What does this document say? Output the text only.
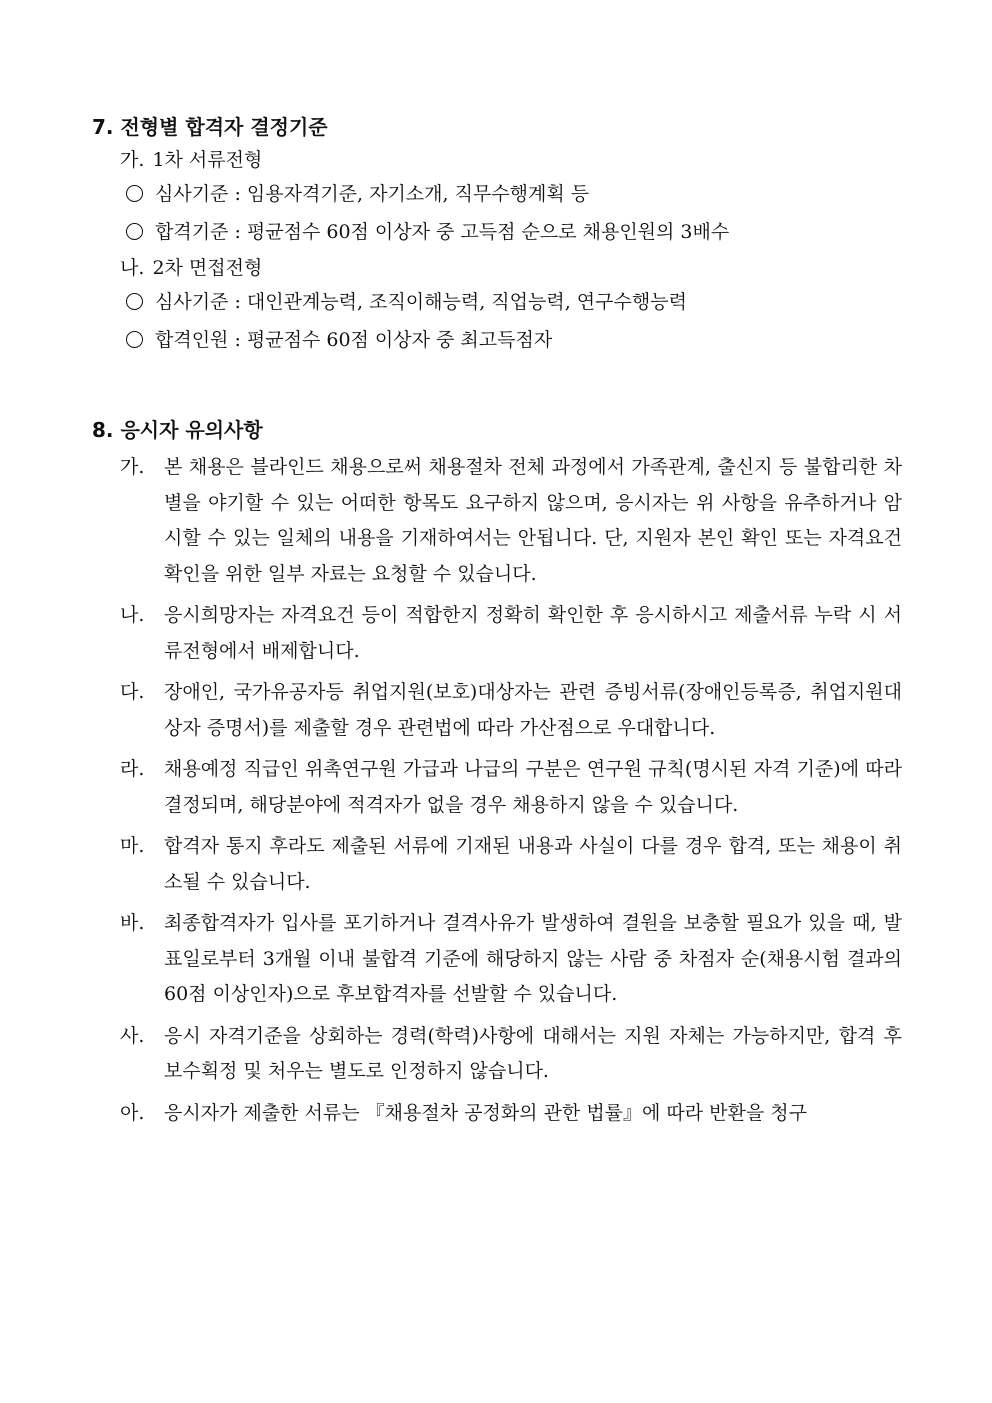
7. 전형별 합격자 결정기준

가. 1차 서류전형

심사기준 : 임용자격기준, 자기소개, 직무수행계획 등

합격기준 : 평균점수 60점 이상자 중 고득점 순으로 채용인원의 3배수

나. 2차 면접전형

심사기준 : 대인관계능력, 조직이해능력, 직업능력, 연구수행능력

합격인원 : 평균점수 60점 이상자 중 최고득점자

8. 응시자 유의사항
가. 본 채용은 블라인드 채용으로써 채용절차 전체 과정에서 가족관계, 출신지 등 불합리한 차별을 야기할 수 있는 어떠한 항목도 요구하지 않으며, 응시자는 위 사항을 유추하거나 암시할 수 있는 일체의 내용을 기재하여서는 안됩니다. 단, 지원자 본인 확인 또는 자격요건 확인을 위한 일부 자료는 요청할 수 있습니다.
나. 응시희망자는 자격요건 등이 적합한지 정확히 확인한 후 응시하시고 제출서류 누락 시 서류전형에서 배제합니다.
다. 장애인, 국가유공자등 취업지원(보호)대상자는 관련 증빙서류(장애인등록증, 취업지원대상자 증명서)를 제출할 경우 관련법에 따라 가산점으로 우대합니다.
라. 채용예정 직급인 위촉연구원 가급과 나급의 구분은 연구원 규칙(명시된 자격 기준)에 따라 결정되며, 해당분야에 적격자가 없을 경우 채용하지 않을 수 있습니다.
마. 합격자 통지 후라도 제출된 서류에 기재된 내용과 사실이 다를 경우 합격, 또는 채용이 취소될 수 있습니다.
바. 최종합격자가 입사를 포기하거나 결격사유가 발생하여 결원을 보충할 필요가 있을 때, 발표일로부터 3개월 이내 불합격 기준에 해당하지 않는 사람 중 차점자 순(채용시험 결과의 60점 이상인자)으로 후보합격자를 선발할 수 있습니다.
사. 응시 자격기준을 상회하는 경력(학력)사항에 대해서는 지원 자체는 가능하지만, 합격 후 보수획정 및 처우는 별도로 인정하지 않습니다.
아. 응시자가 제출한 서류는 『채용절차 공정화의 관한 법률』에 따라 반환을 청구
